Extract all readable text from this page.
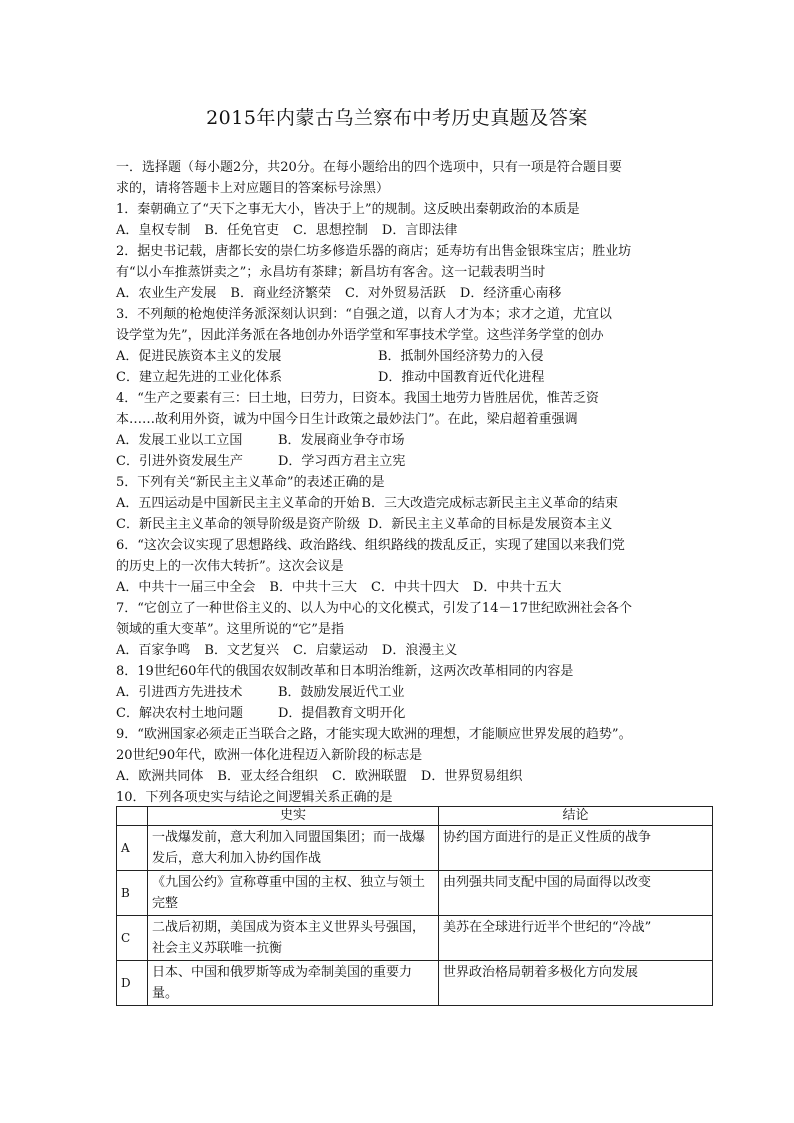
2015年内蒙古乌兰察布中考历史真题及答案
一．选择题（每小题2分，共20分。在每小题给出的四个选项中，只有一项是符合题目要
求的，请将答题卡上对应题目的答案标号涂黑）
1．秦朝确立了“天下之事无大小，皆决于上”的规制。这反映出秦朝政治的本质是
A．皇权专制 B．任免官吏 C．思想控制 D．言即法律
2．据史书记载，唐都长安的崇仁坊多修造乐器的商店；延寿坊有出售金银珠宝店；胜业坊
有“以小车推蒸饼卖之”；永昌坊有茶肆；新昌坊有客舍。这一记载表明当时
A．农业生产发展 B．商业经济繁荣 C．对外贸易活跃 D．经济重心南移
3．不列颠的枪炮使洋务派深刻认识到：“自强之道，以育人才为本；求才之道，尤宜以
设学堂为先”，因此洋务派在各地创办外语学堂和军事技术学堂。这些洋务学堂的创办
A．促进民族资本主义的发展	B．抵制外国经济势力的入侵
C．建立起先进的工业化体系	D．推动中国教育近代化进程
4．“生产之要素有三：曰土地，曰劳力，曰资本。我国土地劳力皆胜居优，惟苦乏资
本……故利用外资，诚为中国今日生计政策之最妙法门”。在此，梁启超着重强调
A．发展工业以工立国	B．发展商业争夺市场
C．引进外资发展生产	D．学习西方君主立宪
5．下列有关“新民主主义革命”的表述正确的是
A．五四运动是中国新民主主义革命的开始 B．三大改造完成标志新民主主义革命的结束
C．新民主主义革命的领导阶级是资产阶级 D．新民主主义革命的目标是发展资本主义
6．“这次会议实现了思想路线、政治路线、组织路线的拨乱反正，实现了建国以来我们党
的历史上的一次伟大转折”。这次会议是
A．中共十一届三中全会 B．中共十三大 C．中共十四大 D．中共十五大
7．“它创立了一种世俗主义的、以人为中心的文化模式，引发了14－17世纪欧洲社会各个
领域的重大变革”。这里所说的“它”是指
A．百家争鸣 B．文艺复兴 C．启蒙运动 D．浪漫主义
8．19世纪60年代的俄国农奴制改革和日本明治维新，这两次改革相同的内容是
A．引进西方先进技术	B．鼓励发展近代工业
C．解决农村土地问题	D．提倡教育文明开化
9．“欧洲国家必须走正当联合之路，才能实现大欧洲的理想，才能顺应世界发展的趋势”。
20世纪90年代，欧洲一体化进程迈入新阶段的标志是
A．欧洲共同体 B．亚太经合组织 C．欧洲联盟 D．世界贸易组织
10．下列各项史实与结论之间逻辑关系正确的是
	史实	结论
A	一战爆发前，意大利加入同盟国集团；而一战爆发后，意大利加入协约国作战	协约国方面进行的是正义性质的战争
B	《九国公约》宣称尊重中国的主权、独立与领土完整	由列强共同支配中国的局面得以改变
C	二战后初期，美国成为资本主义世界头号强国，社会主义苏联唯一抗衡	美苏在全球进行近半个世纪的“冷战”
D	日本、中国和俄罗斯等成为牵制美国的重要力量。	世界政治格局朝着多极化方向发展
